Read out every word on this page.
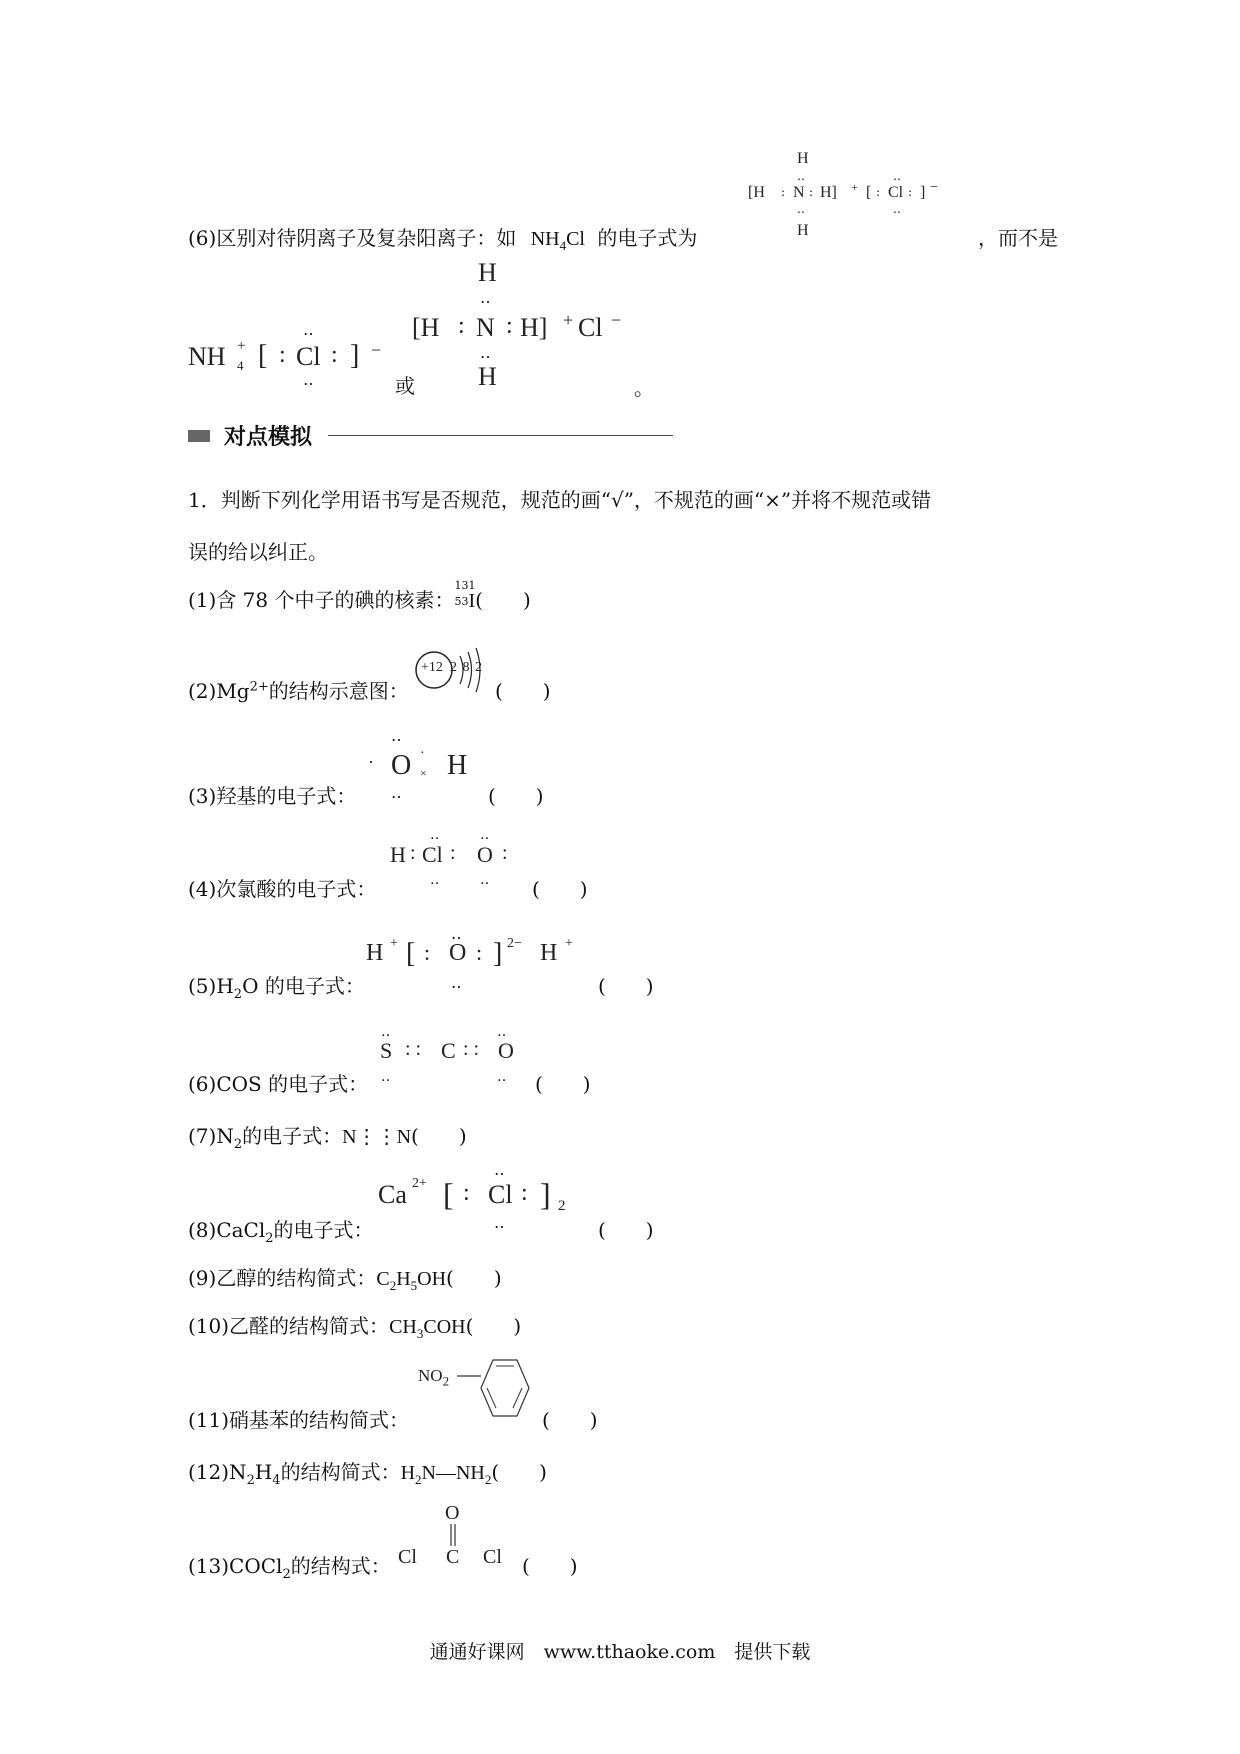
(6)区别对待阴离子及复杂阳离子：如 $NH_4Cl$ 的电子式为	，而不是
H
[H : N : H] + [ : Cl : ] −
‥
‥
‥
‥
H
NH +
4 [ : Cl : ] −
‥
‥	或
H
‥
[H : N : H] + Cl −
‥
H	。
对点模拟
1．判断下列化学用语书写是否规范，规范的画“√”，不规范的画“×”并将不规范或错
误的给以纠正。
(1)含 78 个中子的碘的核素：
131
53 I(　　)
$(2)Mg^{2+}$的结构示意图：
+12 2 8 2
(　　)
(3)羟基的电子式：
‥
· O ·
× H
‥	(　　)
(4)次氯酸的电子式：
H : Cl : O :
‥	‥
‥	‥ (　　)
$(5)H_2O$ 的电子式：
H + [ : O : ] 2− H +
‥
‥	(　　)
(6)COS 的电子式：
S : : C : : O
‥
‥
‥
‥ (　　)
$(7)N_2$的电子式：N⋮⋮N(　　)
(8)CaCl$_2$的电子式：
Ca 2+ [ : Cl : ] 2
‥
‥	(　　)
(9)乙醇的结构简式：$C_2H_5OH$(　　)
(10)乙醛的结构简式：$CH_3COH$(　　)
(11)硝基苯的结构简式：
$NO_2$
(　　)
$(12)N_2H_4$的结构简式：$H_2N—NH_2$(　　)
(13)COCl$_2$的结构式：
O
Cl C Cl (　　)
通通好课网　www.tthaoke.com　提供下载
